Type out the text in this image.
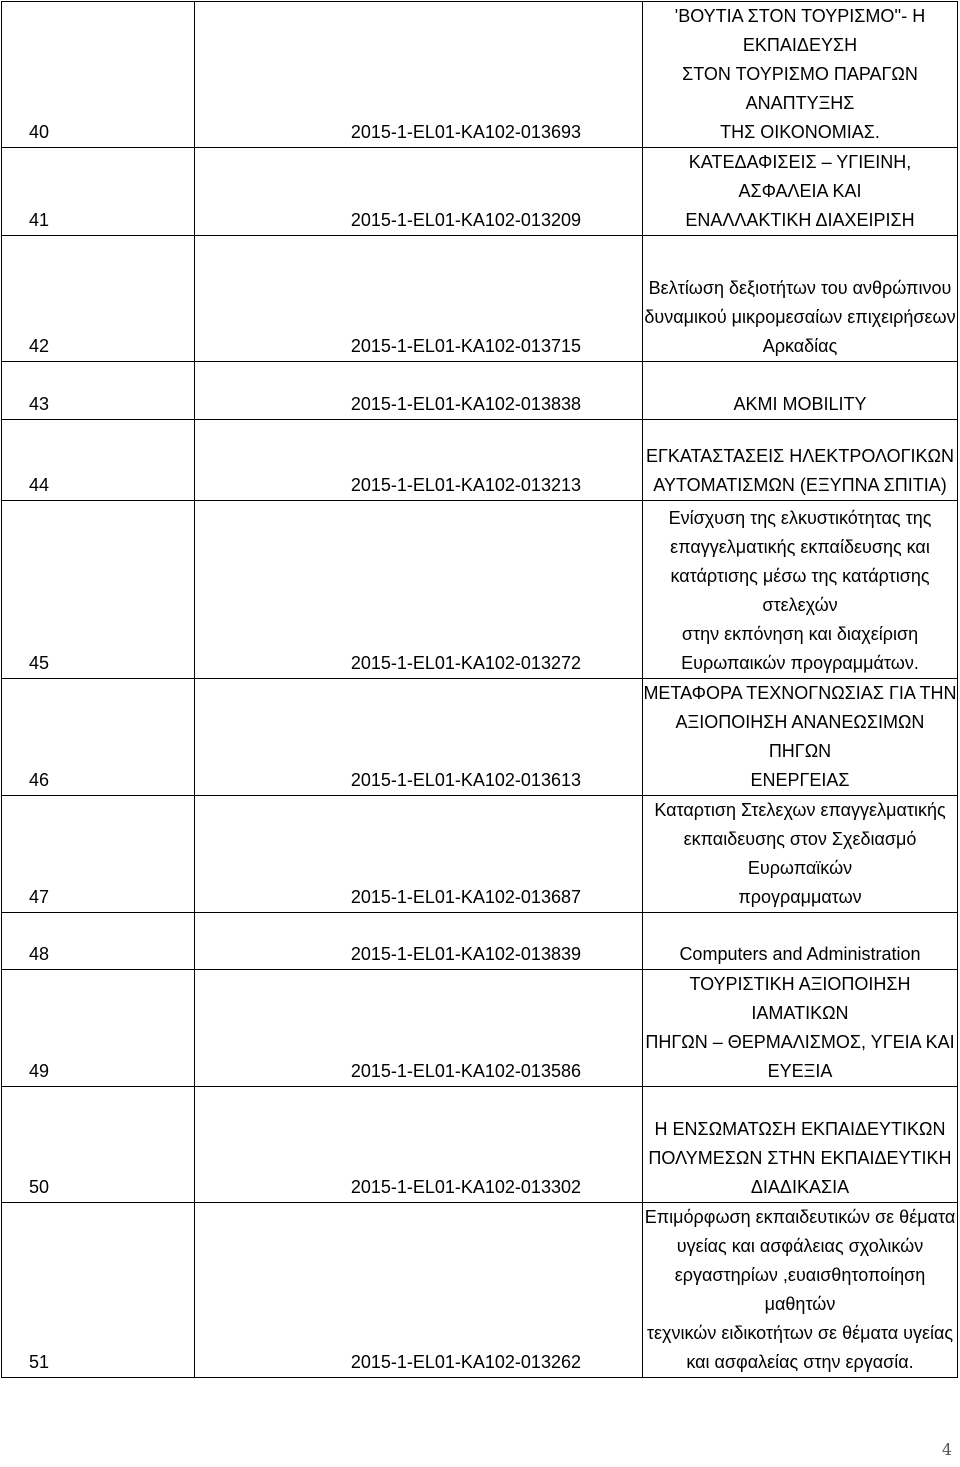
40	2015-1-EL01-KA102-013693	'ΒΟΥΤΙΑ ΣΤΟΝ ΤΟΥΡΙΣΜΟ''- Η ΕΚΠΑΙΔΕΥΣΗ
ΣΤΟΝ ΤΟΥΡΙΣΜΟ ΠΑΡΑΓΩΝ ΑΝΑΠΤΥΞΗΣ
ΤΗΣ ΟΙΚΟΝΟΜΙΑΣ.

41	2015-1-EL01-KA102-013209	ΚΑΤΕΔΑΦΙΣΕΙΣ – ΥΓΙΕΙΝΗ, ΑΣΦΑΛΕΙΑ ΚΑΙ
ΕΝΑΛΛΑΚΤΙΚΗ ΔΙΑΧΕΙΡΙΣΗ

42	2015-1-EL01-KA102-013715	Βελτίωση δεξιοτήτων του ανθρώπινου
δυναμικού μικρομεσαίων επιχειρήσεων
Αρκαδίας

43	2015-1-EL01-KA102-013838	ΑΚΜΙ MOBILITY

44	2015-1-EL01-KA102-013213	ΕΓΚΑΤΑΣΤΑΣΕΙΣ ΗΛΕΚΤΡΟΛΟΓΙΚΩΝ
ΑΥΤΟΜΑΤΙΣΜΩΝ (ΕΞΥΠΝΑ ΣΠΙΤΙΑ)

45	2015-1-EL01-KA102-013272	Ενίσχυση της ελκυστικότητας της
επαγγελματικής εκπαίδευσης και
κατάρτισης μέσω της κατάρτισης στελεχών
στην εκπόνηση και διαχείριση
Ευρωπαικών προγραμμάτων.

46	2015-1-EL01-KA102-013613	ΜΕΤΑΦΟΡΑ ΤΕΧΝΟΓΝΩΣΙΑΣ ΓΙΑ ΤΗΝ
ΑΞΙΟΠΟΙΗΣΗ ΑΝΑΝΕΩΣΙΜΩΝ ΠΗΓΩΝ
ΕΝΕΡΓΕΙΑΣ

47	2015-1-EL01-KA102-013687	Καταρτιση Στελεχων επαγγελματικής
εκπαιδευσης στον Σχεδιασμό Ευρωπαϊκών
προγραμματων

48	2015-1-EL01-KA102-013839	Computers and Administration

49	2015-1-EL01-KA102-013586	ΤΟΥΡΙΣΤΙΚΗ ΑΞΙΟΠΟΙΗΣΗ ΙΑΜΑΤΙΚΩΝ
ΠΗΓΩΝ – ΘΕΡΜΑΛΙΣΜΟΣ, ΥΓΕΙΑ ΚΑΙ ΕΥΕΞΙΑ

50	2015-1-EL01-KA102-013302	Η ΕΝΣΩΜΑΤΩΣΗ ΕΚΠΑΙΔΕΥΤΙΚΩΝ
ΠΟΛΥΜΕΣΩΝ ΣΤΗΝ ΕΚΠΑΙΔΕΥΤΙΚΗ
ΔΙΑΔΙΚΑΣΙΑ

51	2015-1-EL01-KA102-013262	Επιμόρφωση εκπαιδευτικών σε θέματα
υγείας και ασφάλειας σχολικών
εργαστηρίων ,ευαισθητοποίηση μαθητών
τεχνικών ειδικοτήτων σε θέματα υγείας
και ασφαλείας στην εργασία.
4
